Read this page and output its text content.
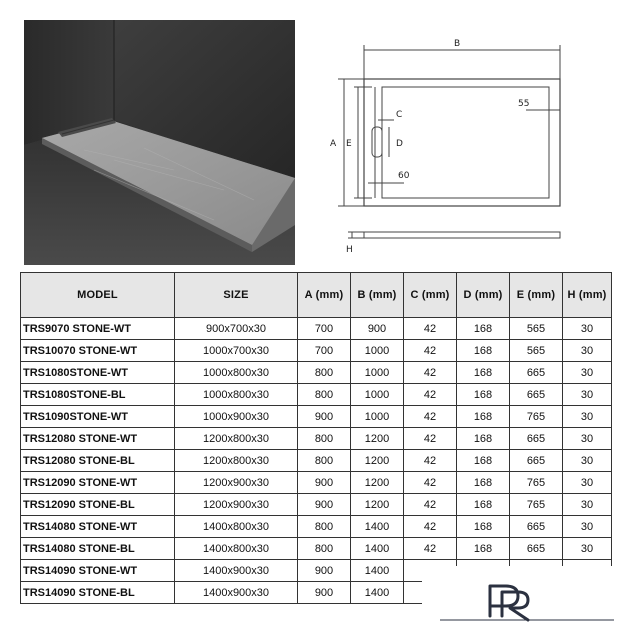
B
A E
C
D
55
60
H
MODEL	SIZE	A (mm)	B (mm)	C (mm)	D (mm)	E (mm)	H (mm)
TRS9070 STONE-WT	900x700x30	700	900	42	168	565	30
TRS10070 STONE-WT	1000x700x30	700	1000	42	168	565	30
TRS1080STONE-WT	1000x800x30	800	1000	42	168	665	30
TRS1080STONE-BL	1000x800x30	800	1000	42	168	665	30
TRS1090STONE-WT	1000x900x30	900	1000	42	168	765	30
TRS12080 STONE-WT	1200x800x30	800	1200	42	168	665	30
TRS12080 STONE-BL	1200x800x30	800	1200	42	168	665	30
TRS12090 STONE-WT	1200x900x30	900	1200	42	168	765	30
TRS12090 STONE-BL	1200x900x30	900	1200	42	168	765	30
TRS14080 STONE-WT	1400x800x30	800	1400	42	168	665	30
TRS14080 STONE-BL	1400x800x30	800	1400	42	168	665	30
TRS14090 STONE-WT	1400x900x30	900	1400				
TRS14090 STONE-BL	1400x900x30	900	1400				
